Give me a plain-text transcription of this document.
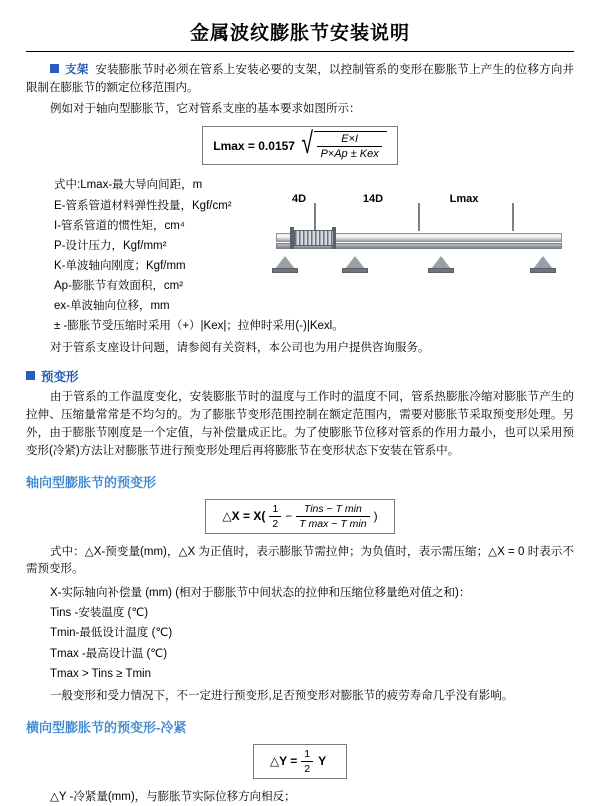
金属波纹膨胀节安装说明

支架 安装膨胀节时必须在管系上安装必要的支架，以控制管系的变形在膨胀节上产生的位移方向并限制在膨胀节的额定位移范围内。

例如对于轴向型膨胀节，它对管系支座的基本要求如图所示：

Lmax = 0.0157 √ $\frac{E\times I}{\text{P×Ap ± Kex}}$
式中:Lmax-最大导向间距，m
E-管系管道材料弹性投量，Kgf/cm²
I-管系管道的惯性矩，cm⁴
P-设计压力，Kgf/mm²
K-单波轴向刚度；Kgf/mm
Ap-膨胀节有效面积，cm²
ex-单波轴向位移，mm
± -膨胀节受压缩时采用（+）|Kex|；拉伸时采用(-)|Kexl。
4D	14D	Lmax

对于管系支座设计问题，请参阅有关资料，本公司也为用户提供咨询服务。

预变形

由于管系的工作温度变化，安装膨胀节时的温度与工作时的温度不同，管系热膨胀冷缩对膨胀节产生的拉伸、压缩量常常是不均匀的。为了膨胀节变形范围控制在额定范围内，需要对膨胀节采取预变形处理。另外，由于膨胀节刚度是一个定值，与补偿量成正比。为了使膨胀节位移对管系的作用力最小，也可以采用预变形(冷紧)方法让对膨胀节进行预变形处理后再将膨胀节在变形状态下安装在管系中。

轴向型膨胀节的预变形
△X = $X( \frac{1}{2} - \frac{\text{Tins − T min}}{\text{T max − T min}}$ )

式中：△X-预变量(mm)，△X 为正值时，表示膨胀节需拉伸；为负值时，表示需压缩；△X = 0 时表示不需预变形。

X-实际轴向补偿量 (mm) (相对于膨胀节中间状态的拉伸和压缩位移量绝对值之和)：
Tins -安装温度 (℃)
Tmin-最低设计温度 (℃)
Tmax -最高设计温 (℃)
Tmax > Tins ≥ Tmin

一般变形和受力情况下，不一定进行预变形,足否预变形对膨胀节的疲劳寿命几乎没有影响。

横向型膨胀节的预变形-冷紧
△Y = $\frac{1}{2}$ Y

△Y -冷紧量(mm)，与膨胀节实际位移方向相反；
